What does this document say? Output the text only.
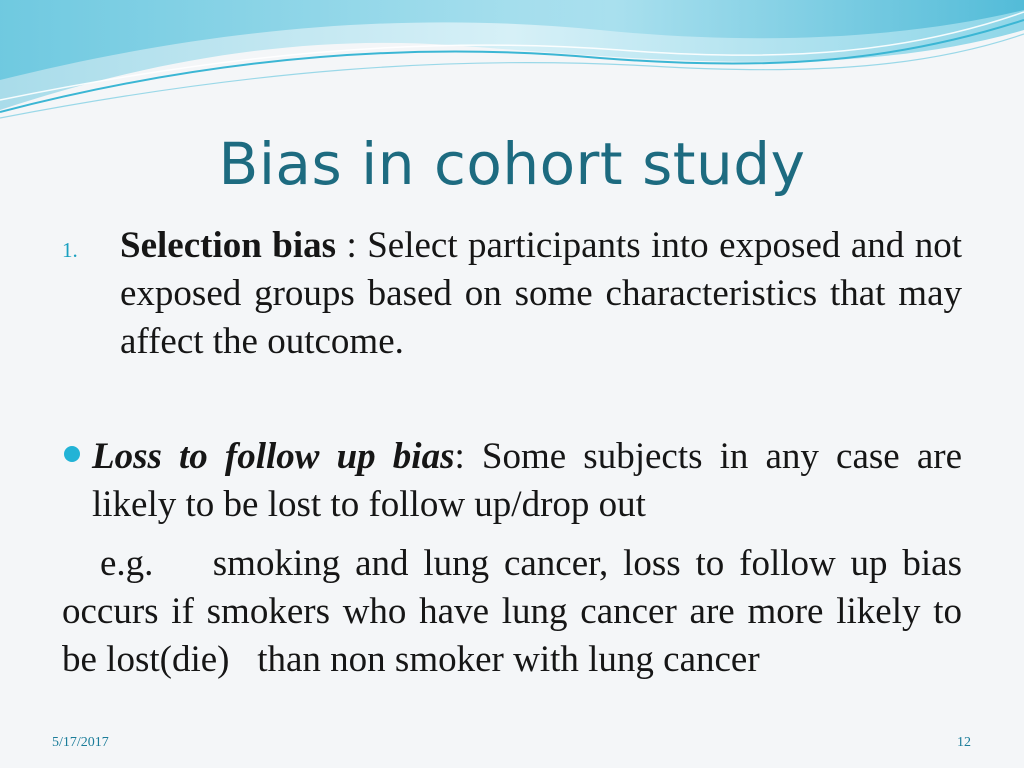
Bias in cohort study
1. Selection bias : Select participants into exposed and not exposed groups based on some characteristics that may affect the outcome.
Loss to follow up bias: Some subjects in any case are likely to be lost to follow up/drop out
e.g.    smoking and lung cancer, loss to follow up bias occurs if smokers who have lung cancer are more likely to be lost(die)   than non smoker with lung cancer
5/17/2017	12
